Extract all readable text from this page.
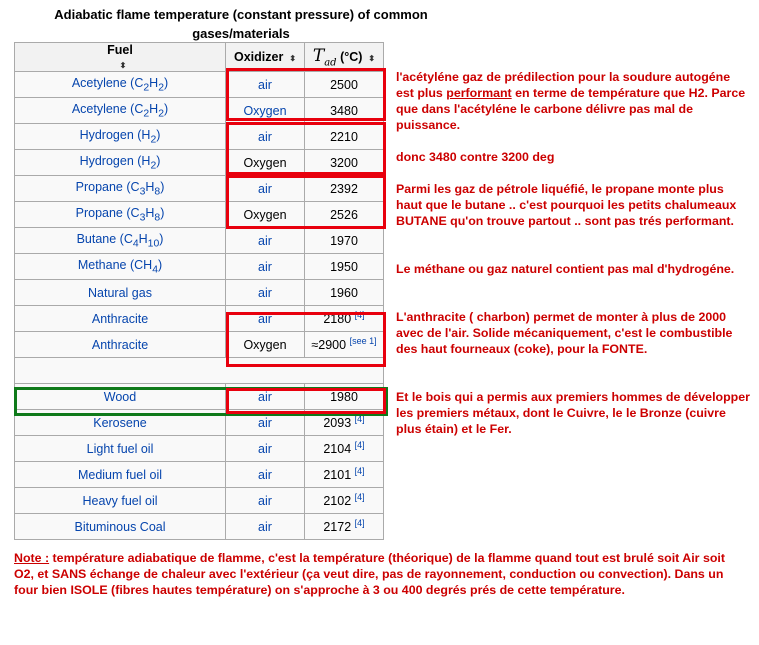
Adiabatic flame temperature (constant pressure) of common gases/materials
Fuel⬍	Oxidizer ⬍	$T_{ad}$ (°C) ⬍
Acetylene $(C_2H_2)$	air	2500
Acetylene $(C_2H_2)$	Oxygen	3480
Hydrogen $(H_2)$	air	2210
Hydrogen $(H_2)$	Oxygen	3200
Propane $(C_3H_8)$	air	2392
Propane $(C_3H_8)$	Oxygen	2526
Butane $(C_4H_{10})$	air	1970
Methane $(CH_4)$	air	1950
Natural gas	air	1960
Anthracite	air	2180 [4]
Anthracite	Oxygen	≈2900 [see 1]

Wood	air	1980
Kerosene	air	2093 [4]
Light fuel oil	air	2104 [4]
Medium fuel oil	air	2101 [4]
Heavy fuel oil	air	2102 [4]
Bituminous Coal	air	2172 [4]
l'acétyléne gaz de prédilection pour la soudure autogéne est plus performant en terme de température que H2. Parce que dans l'acétyléne le carbone délivre pas mal de puissance.
donc 3480 contre 3200 deg
Parmi les gaz de pétrole liquéfié, le propane monte plus haut que le butane .. c'est pourquoi les petits chalumeaux BUTANE qu'on trouve partout .. sont pas trés performant.
Le méthane ou gaz naturel contient pas mal d'hydrogéne.
L'anthracite ( charbon) permet de monter à plus de 2000 avec de l'air. Solide mécaniquement, c'est le combustible des haut fourneaux (coke), pour la FONTE.
Et le bois qui a permis aux premiers hommes de développer les premiers métaux, dont le Cuivre, le le Bronze (cuivre plus étain) et le Fer.
Note : température adiabatique de flamme, c'est la température (théorique) de la flamme quand tout est brulé soit Air soit O2, et SANS échange de chaleur avec l'extérieur (ça veut dire, pas de rayonnement, conduction ou convection). Dans un four bien ISOLE (fibres hautes température) on s'approche à 3 ou 400 degrés prés de cette température.
